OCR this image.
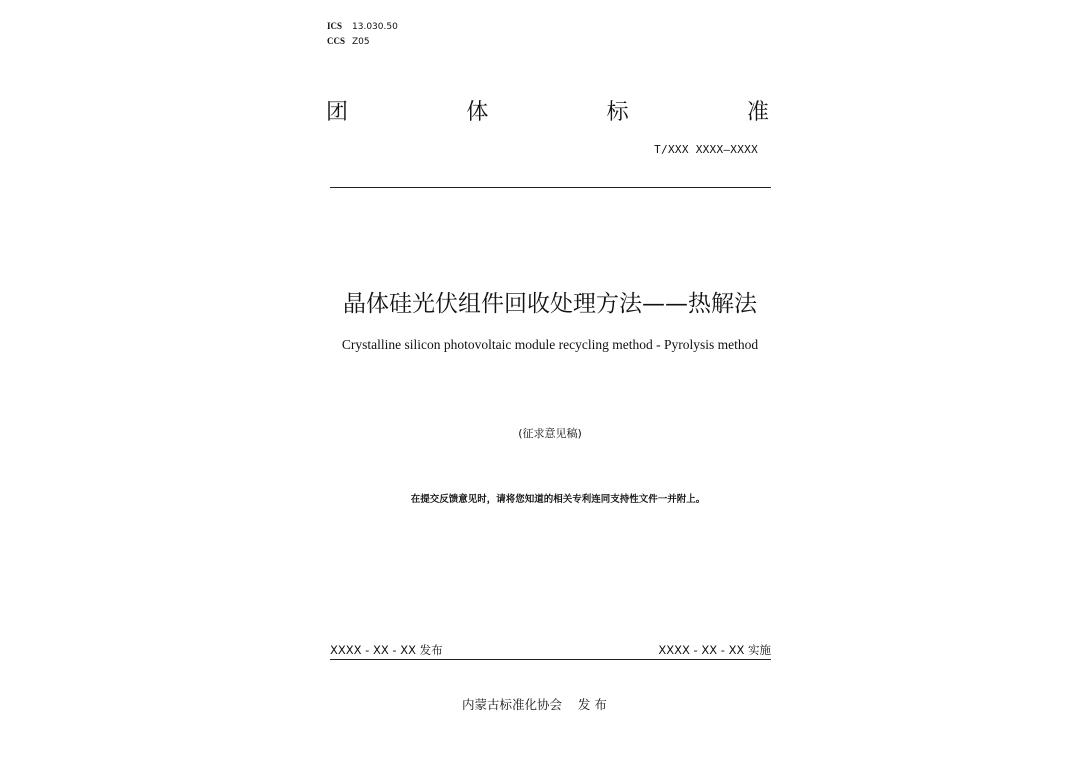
ICS 13.030.50
CCS Z05
团	体	标	准
T/XXX XXXX—XXXX
晶体硅光伏组件回收处理方法——热解法
Crystalline silicon photovoltaic module recycling method - Pyrolysis method
(征求意见稿)
在提交反馈意见时，请将您知道的相关专利连同支持性文件一并附上。
XXXX - XX - XX 发布	XXXX - XX - XX 实施
内蒙古标准化协会    发 布
